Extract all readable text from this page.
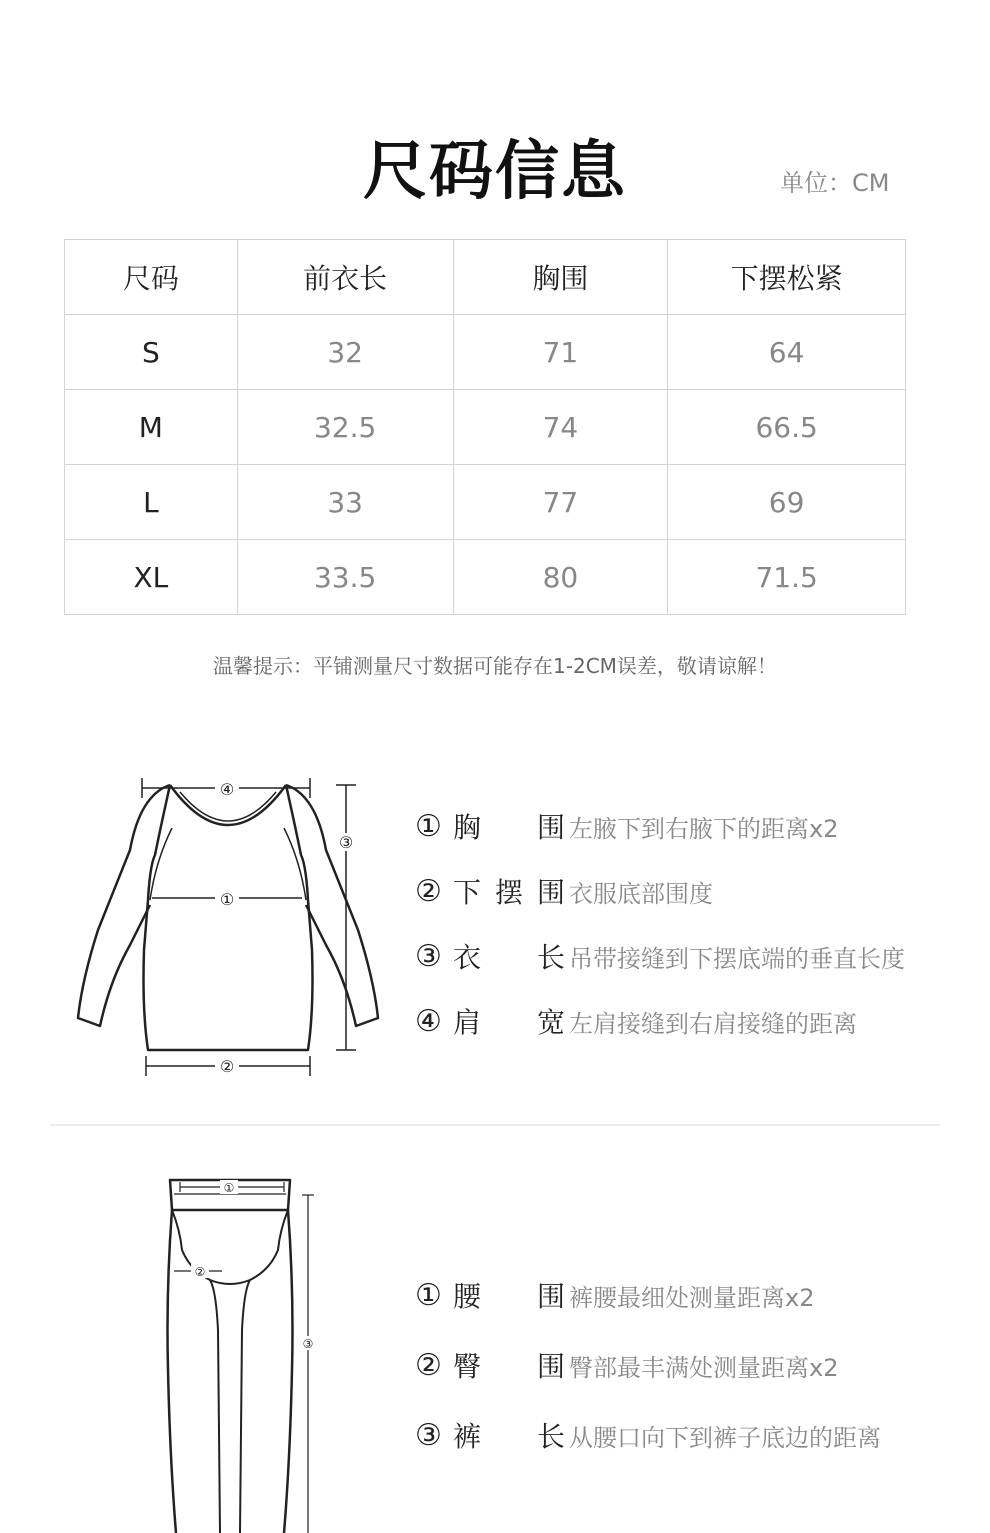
尺码信息	单位：CM
尺码	前衣长	胸围	下摆松紧
S	32	71	64
M	32.5	74	66.5
L	33	77	69
XL	33.5	80	71.5
温馨提示：平铺测量尺寸数据可能存在1-2CM误差，敬请谅解！
④
①
③
②
① 胸 围 左腋下到右腋下的距离x2
② 下 摆 围 衣服底部围度
③ 衣 长 吊带接缝到下摆底端的垂直长度
④ 肩 宽 左肩接缝到右肩接缝的距离
①
②
③
① 腰 围 裤腰最细处测量距离x2
② 臀 围 臀部最丰满处测量距离x2
③ 裤 长 从腰口向下到裤子底边的距离
